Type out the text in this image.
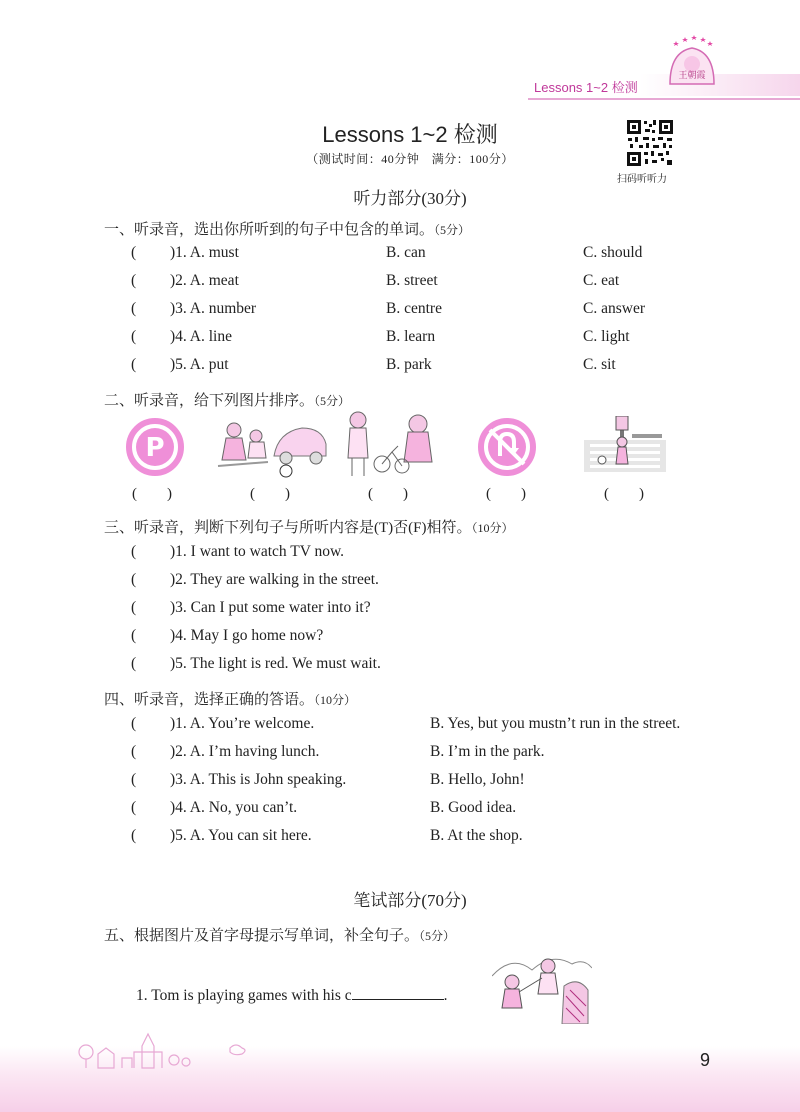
Lessons 1~2 检测
王朝霞
Lessons 1~2 检测
（测试时间：40分钟　满分：100分）
扫码听听力
听力部分(30分)
一、听录音，选出你所听到的句子中包含的单词。（5分）
( )1. A. must	B. can	C. should
( )2. A. meat	B. street	C. eat
( )3. A. number	B. centre	C. answer
( )4. A. line	B. learn	C. light
( )5. A. put	B. park	C. sit
二、听录音，给下列图片排序。（5分）
P
(　　)	(　　)	(　　)	(　　)	(　　)
三、听录音，判断下列句子与所听内容是(T)否(F)相符。（10分）
( )1. I want to watch TV now.
( )2. They are walking in the street.
( )3. Can I put some water into it?
( )4. May I go home now?
( )5. The light is red. We must wait.
四、听录音，选择正确的答语。（10分）
( )1. A. You’re welcome.	B. Yes, but you mustn’t run in the street.
( )2. A. I’m having lunch.	B. I’m in the park.
( )3. A. This is John speaking.	B. Hello, John!
( )4. A. No, you can’t.	B. Good idea.
( )5. A. You can sit here.	B. At the shop.
笔试部分(70分)
五、根据图片及首字母提示写单词，补全句子。（5分）
1. Tom is playing games with his c	.
9
